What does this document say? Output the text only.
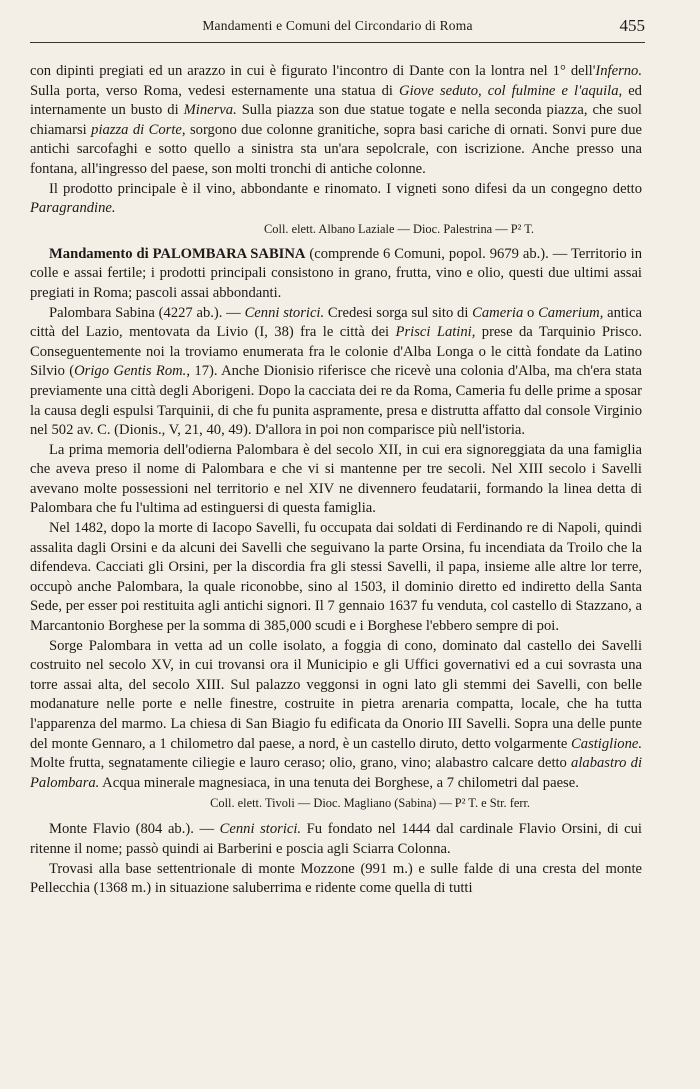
Mandamenti e Comuni del Circondario di Roma	455

con dipinti pregiati ed un arazzo in cui è figurato l'incontro di Dante con la lontra nel 1° dell'Inferno. Sulla porta, verso Roma, vedesi esternamente una statua di Giove seduto, col fulmine e l'aquila, ed internamente un busto di Minerva. Sulla piazza son due statue togate e nella seconda piazza, che suol chiamarsi piazza di Corte, sorgono due colonne granitiche, sopra basi cariche di ornati. Sonvi pure due antichi sarcofaghi e sotto quello a sinistra sta un'ara sepolcrale, con iscrizione. Anche presso una fontana, all'ingresso del paese, son molti tronchi di antiche colonne.

Il prodotto principale è il vino, abbondante e rinomato. I vigneti sono difesi da un congegno detto Paragrandine.

Coll. elett. Albano Laziale — Dioc. Palestrina — P² T.

Mandamento di PALOMBARA SABINA (comprende 6 Comuni, popol. 9679 ab.). — Territorio in colle e assai fertile; i prodotti principali consistono in grano, frutta, vino e olio, questi due ultimi assai pregiati in Roma; pascoli assai abbondanti.

Palombara Sabina (4227 ab.). — Cenni storici. Credesi sorga sul sito di Cameria o Camerium, antica città del Lazio, mentovata da Livio (I, 38) fra le città dei Prisci Latini, prese da Tarquinio Prisco. Conseguentemente noi la troviamo enumerata fra le colonie d'Alba Longa o le città fondate da Latino Silvio (Origo Gentis Rom., 17). Anche Dionisio riferisce che ricevè una colonia d'Alba, ma ch'era stata previamente una città degli Aborigeni. Dopo la cacciata dei re da Roma, Cameria fu delle prime a sposar la causa degli espulsi Tarquinii, di che fu punita aspramente, presa e distrutta affatto dal console Virginio nel 502 av. C. (Dionis., V, 21, 40, 49). D'allora in poi non comparisce più nell'istoria.

La prima memoria dell'odierna Palombara è del secolo XII, in cui era signoreggiata da una famiglia che aveva preso il nome di Palombara e che vi si mantenne per tre secoli. Nel XIII secolo i Savelli avevano molte possessioni nel territorio e nel XIV ne divennero feudatarii, formando la linea detta di Palombara che fu l'ultima ad estinguersi di questa famiglia.

Nel 1482, dopo la morte di Iacopo Savelli, fu occupata dai soldati di Ferdinando re di Napoli, quindi assalita dagli Orsini e da alcuni dei Savelli che seguivano la parte Orsina, fu incendiata da Troilo che la difendeva. Cacciati gli Orsini, per la discordia fra gli stessi Savelli, il papa, insieme alle altre lor terre, occupò anche Palombara, la quale riconobbe, sino al 1503, il dominio diretto ed indiretto della Santa Sede, per esser poi restituita agli antichi signori. Il 7 gennaio 1637 fu venduta, col castello di Stazzano, a Marcantonio Borghese per la somma di 385,000 scudi e i Borghese l'ebbero sempre di poi.

Sorge Palombara in vetta ad un colle isolato, a foggia di cono, dominato dal castello dei Savelli costruito nel secolo XV, in cui trovansi ora il Municipio e gli Uffici governativi ed a cui sovrasta una torre assai alta, del secolo XIII. Sul palazzo veggonsi in ogni lato gli stemmi dei Savelli, con belle modanature nelle porte e nelle finestre, costruite in pietra arenaria compatta, locale, che ha tutta l'apparenza del marmo. La chiesa di San Biagio fu edificata da Onorio III Savelli. Sopra una delle punte del monte Gennaro, a 1 chilometro dal paese, a nord, è un castello diruto, detto volgarmente Castiglione. Molte frutta, segnatamente ciliegie e lauro ceraso; olio, grano, vino; alabastro calcare detto alabastro di Palombara. Acqua minerale magnesiaca, in una tenuta dei Borghese, a 7 chilometri dal paese.

Coll. elett. Tivoli — Dioc. Magliano (Sabina) — P² T. e Str. ferr.

Monte Flavio (804 ab.). — Cenni storici. Fu fondato nel 1444 dal cardinale Flavio Orsini, di cui ritenne il nome; passò quindi ai Barberini e poscia agli Sciarra Colonna.

Trovasi alla base settentrionale di monte Mozzone (991 m.) e sulle falde di una cresta del monte Pellecchia (1368 m.) in situazione saluberrima e ridente come quella di tutti
